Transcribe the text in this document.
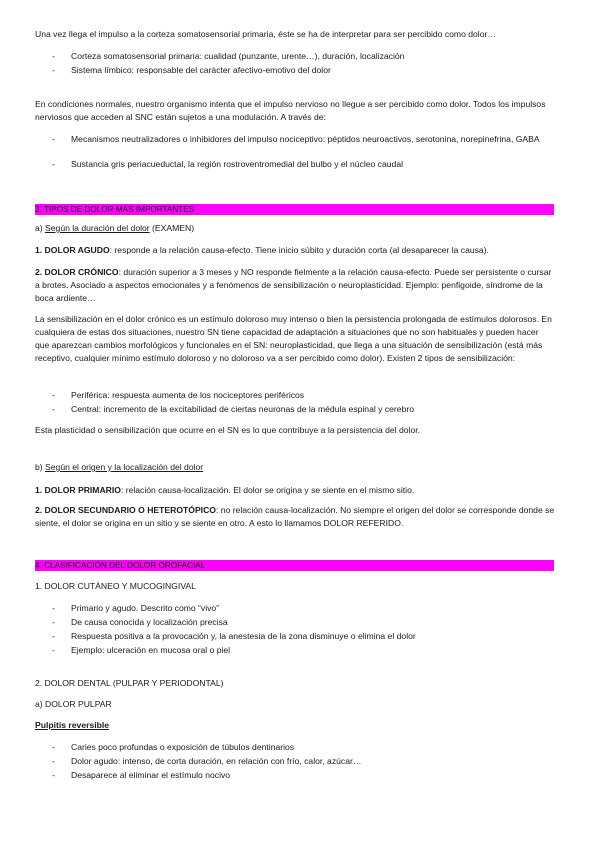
Una vez llega el impulso a la corteza somatosensorial primaria, éste se ha de interpretar para ser percibido como dolor…
- Corteza somatosensorial primaria: cualidad (punzante, urente…), duración, localización
- Sistema límbico: responsable del carácter afectivo-emotivo del dolor
En condiciones normales, nuestro organismo intenta que el impulso nervioso no llegue a ser percibido como dolor. Todos los impulsos nerviosos que acceden al SNC están sujetos a una modulación. A través de:
- Mecanismos neutralizadores o inhibidores del impulso nociceptivo: péptidos neuroactivos, serotonina, norepinefrina, GABA
- Sustancia gris periacueductal, la región rostroventromedial del bulbo y el núcleo caudal
3. TIPOS DE DOLOR MÁS IMPORTANTES
a) Según la duración del dolor (EXAMEN)
1. DOLOR AGUDO: responde a la relación causa-efecto. Tiene inicio súbito y duración corta (al desaparecer la causa).
2. DOLOR CRÓNICO: duración superior a 3 meses y NO responde fielmente a la relación causa-efecto. Puede ser persistente o cursar a brotes. Asociado a aspectos emocionales y a fenómenos de sensibilización o neuroplasticidad. Ejemplo: penfigoide, síndrome de la boca ardiente…
La sensibilización en el dolor crónico es un estímulo doloroso muy intenso o bien la persistencia prolongada de estímulos dolorosos. En cualquiera de estas dos situaciones, nuestro SN tiene capacidad de adaptación a situaciones que no son habituales y pueden hacer que aparezcan cambios morfológicos y funcionales en el SN: neuroplasticidad, que llega a una situación de sensibilización (está más receptivo, cualquier mínimo estímulo doloroso y no doloroso va a ser percibido como dolor). Existen 2 tipos de sensibilización:
- Periférica: respuesta aumenta de los nociceptores periféricos
- Central: incremento de la excitabilidad de ciertas neuronas de la médula espinal y cerebro
Esta plasticidad o sensibilización que ocurre en el SN es lo que contribuye a la persistencia del dolor.
b) Según el origen y la localización del dolor
1. DOLOR PRIMARIO: relación causa-localización. El dolor se origina y se siente en el mismo sitio.
2. DOLOR SECUNDARIO O HETEROTÓPICO: no relación causa-localización. No siempre el origen del dolor se corresponde donde se siente, el dolor se origina en un sitio y se siente en otro. A esto lo llamamos DOLOR REFERIDO.
4. CLASIFICACIÓN DEL DOLOR OROFACIAL
1. DOLOR CUTÁNEO Y MUCOGINGIVAL
- Primario y agudo. Descrito como “vivo”
- De causa conocida y localización precisa
- Respuesta positiva a la provocación y, la anestesia de la zona disminuye o elimina el dolor
- Ejemplo: ulceración en mucosa oral o piel
2. DOLOR DENTAL (PULPAR Y PERIODONTAL)
a) DOLOR PULPAR
Pulpitis reversible
- Caries poco profundas o exposición de túbulos dentinarios
- Dolor agudo: intenso, de corta duración, en relación con frío, calor, azúcar…
- Desaparece al eliminar el estímulo nocivo
